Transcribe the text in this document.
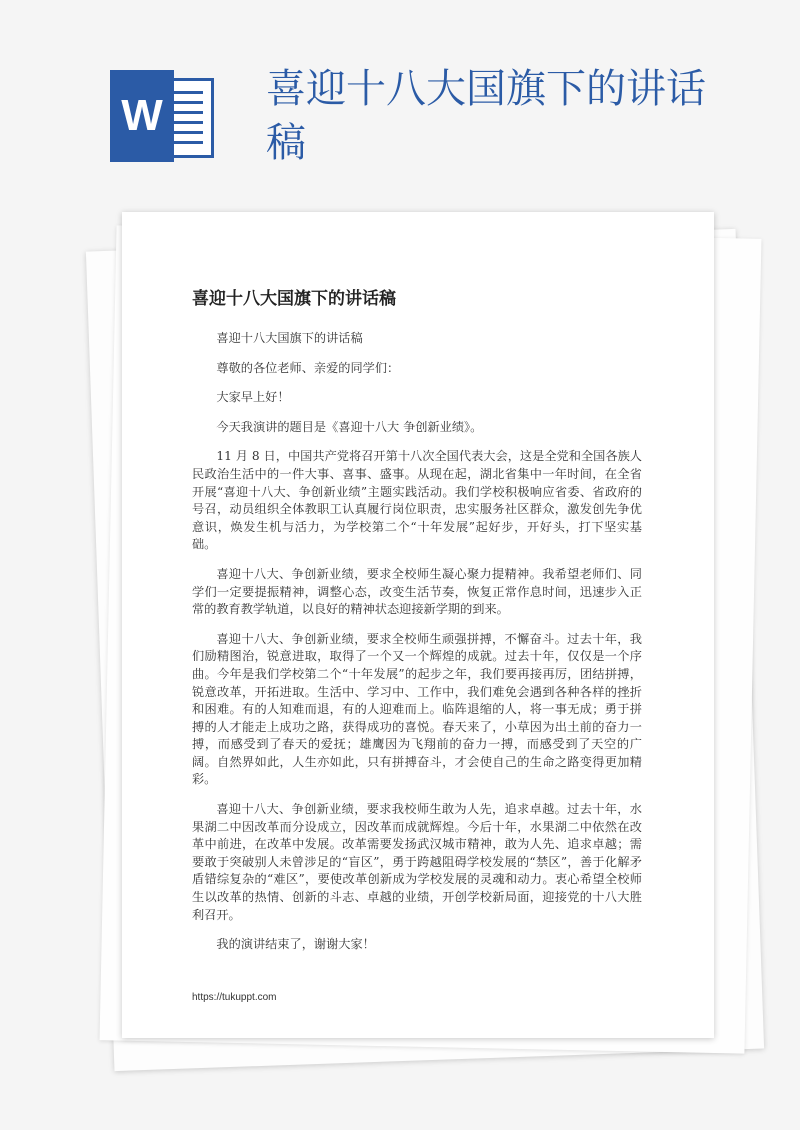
W
喜迎十八大国旗下的讲话稿
喜迎十八大国旗下的讲话稿

喜迎十八大国旗下的讲话稿

尊敬的各位老师、亲爱的同学们：

大家早上好！

今天我演讲的题目是《喜迎十八大 争创新业绩》。

11 月 8 日，中国共产党将召开第十八次全国代表大会，这是全党和全国各族人民政治生活中的一件大事、喜事、盛事。从现在起，湖北省集中一年时间，在全省开展“喜迎十八大、争创新业绩”主题实践活动。我们学校积极响应省委、省政府的号召，动员组织全体教职工认真履行岗位职责，忠实服务社区群众，激发创先争优意识，焕发生机与活力，为学校第二个“十年发展”起好步，开好头，打下坚实基础。

喜迎十八大、争创新业绩，要求全校师生凝心聚力提精神。我希望老师们、同学们一定要提振精神，调整心态，改变生活节奏，恢复正常作息时间，迅速步入正常的教育教学轨道，以良好的精神状态迎接新学期的到来。

喜迎十八大、争创新业绩，要求全校师生顽强拼搏，不懈奋斗。过去十年，我们励精图治，锐意进取，取得了一个又一个辉煌的成就。过去十年，仅仅是一个序曲。今年是我们学校第二个“十年发展”的起步之年，我们要再接再厉，团结拼搏，锐意改革，开拓进取。生活中、学习中、工作中，我们难免会遇到各种各样的挫折和困难。有的人知难而退，有的人迎难而上。临阵退缩的人，将一事无成；勇于拼搏的人才能走上成功之路，获得成功的喜悦。春天来了，小草因为出土前的奋力一搏，而感受到了春天的爱抚；雄鹰因为飞翔前的奋力一搏，而感受到了天空的广阔。自然界如此，人生亦如此，只有拼搏奋斗，才会使自己的生命之路变得更加精彩。

喜迎十八大、争创新业绩，要求我校师生敢为人先，追求卓越。过去十年，水果湖二中因改革而分设成立，因改革而成就辉煌。今后十年，水果湖二中依然在改革中前进，在改革中发展。改革需要发扬武汉城市精神，敢为人先、追求卓越；需要敢于突破别人未曾涉足的“盲区”，勇于跨越阻碍学校发展的“禁区”，善于化解矛盾错综复杂的“难区”，要使改革创新成为学校发展的灵魂和动力。衷心希望全校师生以改革的热情、创新的斗志、卓越的业绩，开创学校新局面，迎接党的十八大胜利召开。

我的演讲结束了，谢谢大家！

https://tukuppt.com
